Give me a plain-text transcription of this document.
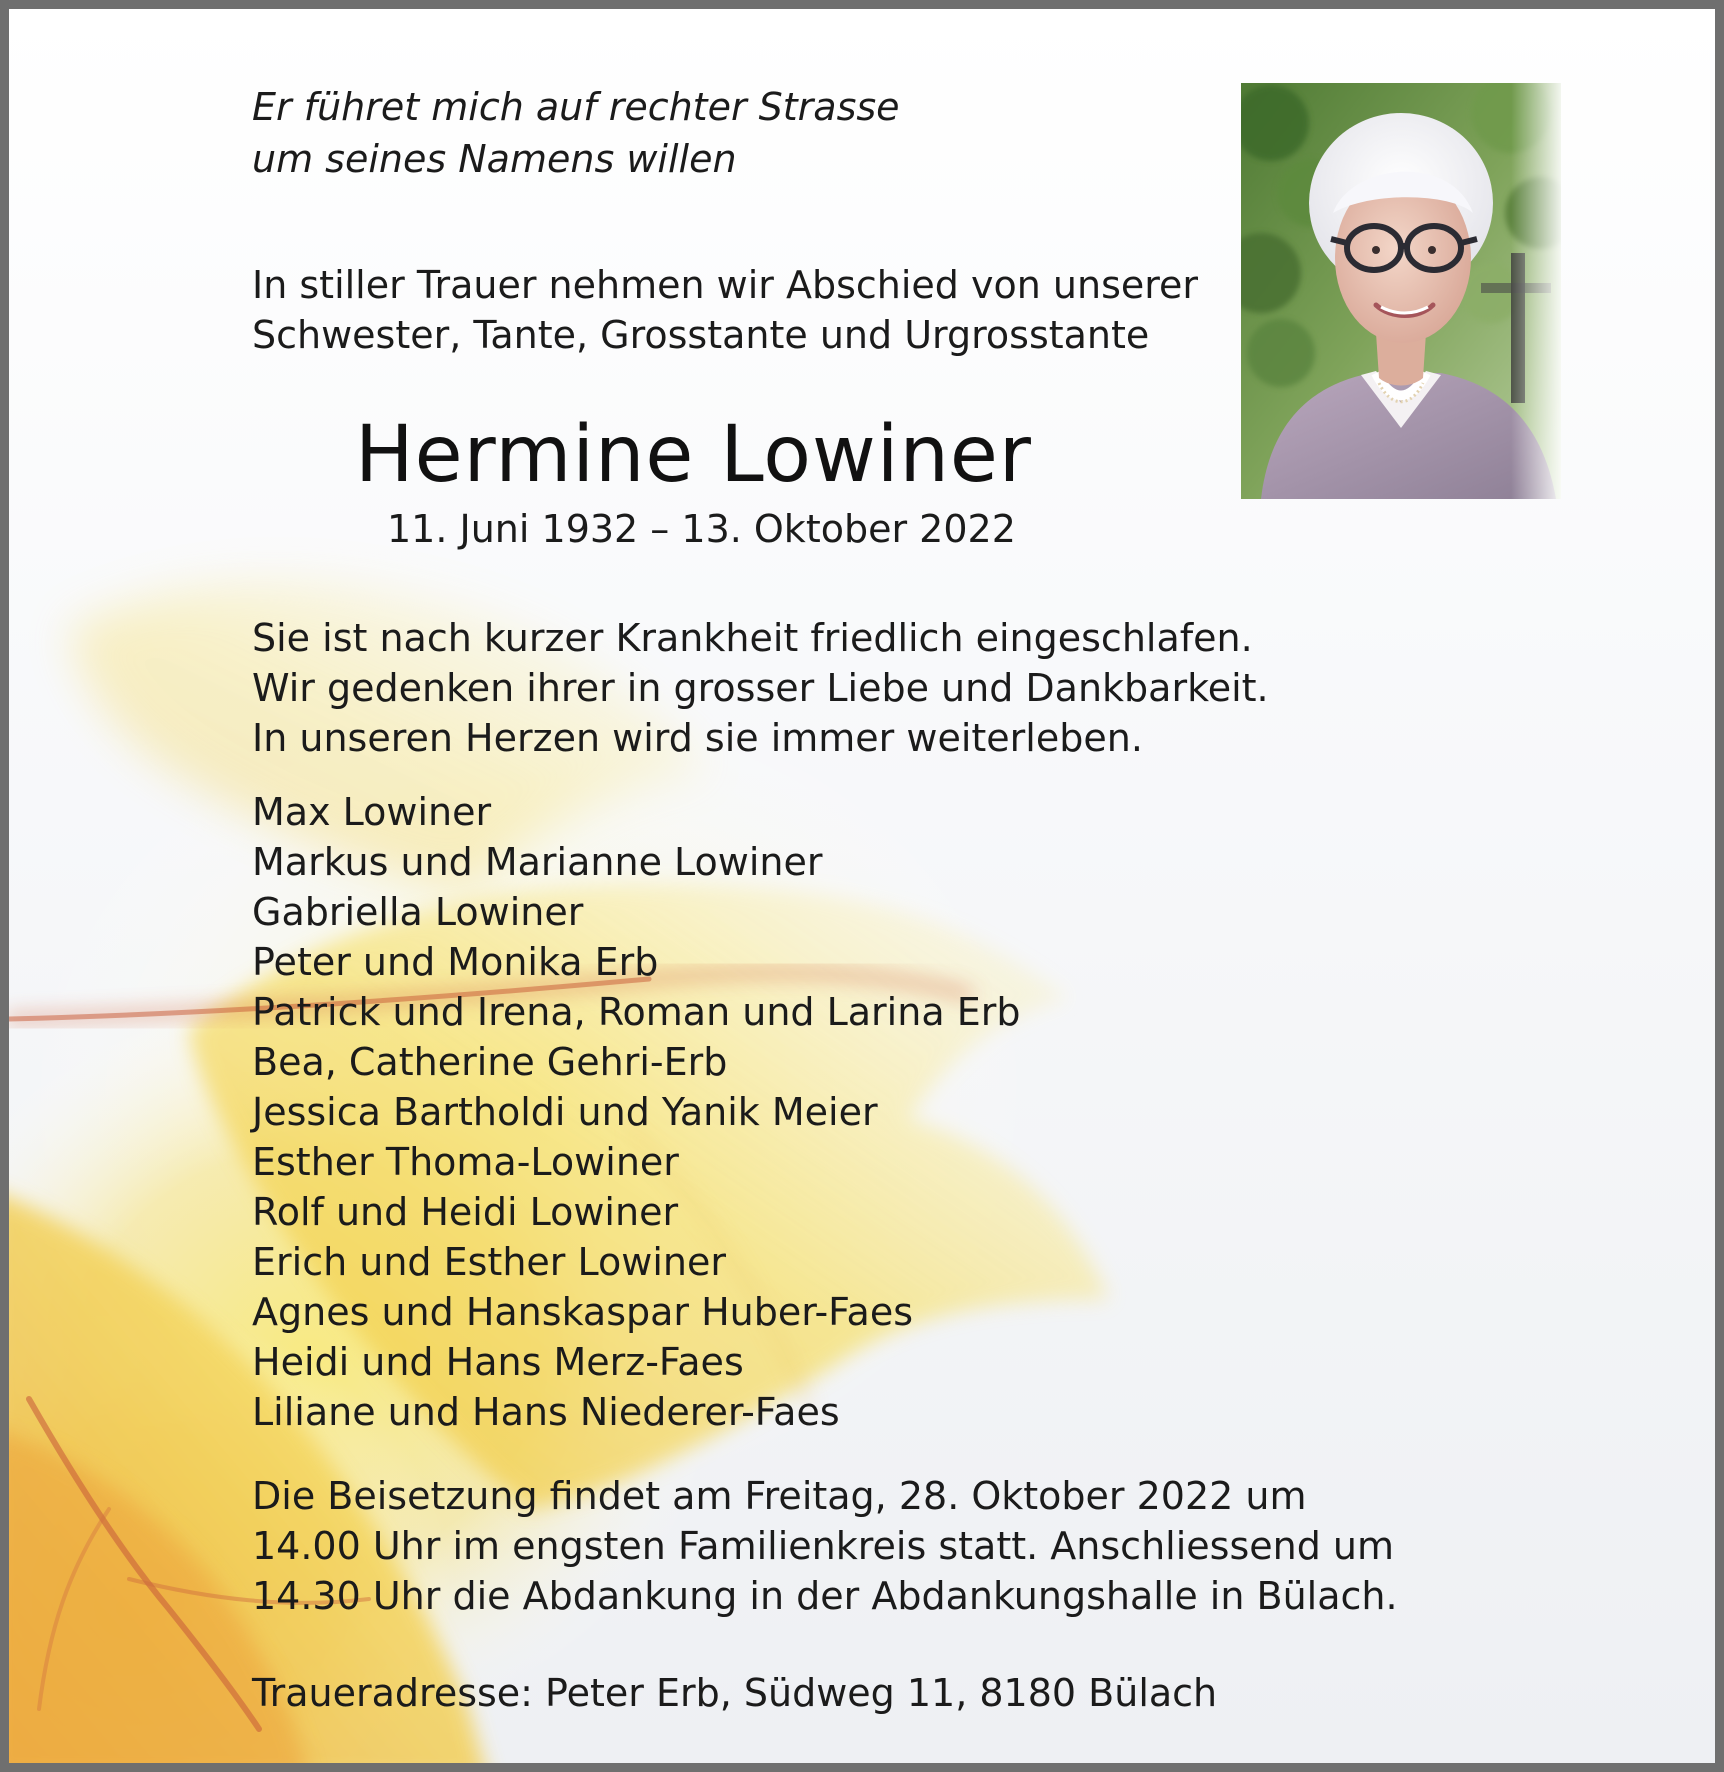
Er führet mich auf rechter Strasse
um seines Namens willen

In stiller Trauer nehmen wir Abschied von unserer
Schwester, Tante, Grosstante und Urgrosstante

Hermine Lowiner

11. Juni 1932 – 13. Oktober 2022

Sie ist nach kurzer Krankheit friedlich eingeschlafen.
Wir gedenken ihrer in grosser Liebe und Dankbarkeit.
In unseren Herzen wird sie immer weiterleben.

Max Lowiner
Markus und Marianne Lowiner
Gabriella Lowiner
Peter und Monika Erb
Patrick und Irena, Roman und Larina Erb
Bea, Catherine Gehri-Erb
Jessica Bartholdi und Yanik Meier
Esther Thoma-Lowiner
Rolf und Heidi Lowiner
Erich und Esther Lowiner
Agnes und Hanskaspar Huber-Faes
Heidi und Hans Merz-Faes
Liliane und Hans Niederer-Faes

Die Beisetzung findet am Freitag, 28. Oktober 2022 um
14.00 Uhr im engsten Familienkreis statt. Anschliessend um
14.30 Uhr die Abdankung in der Abdankungshalle in Bülach.

Traueradresse: Peter Erb, Südweg 11, 8180 Bülach
